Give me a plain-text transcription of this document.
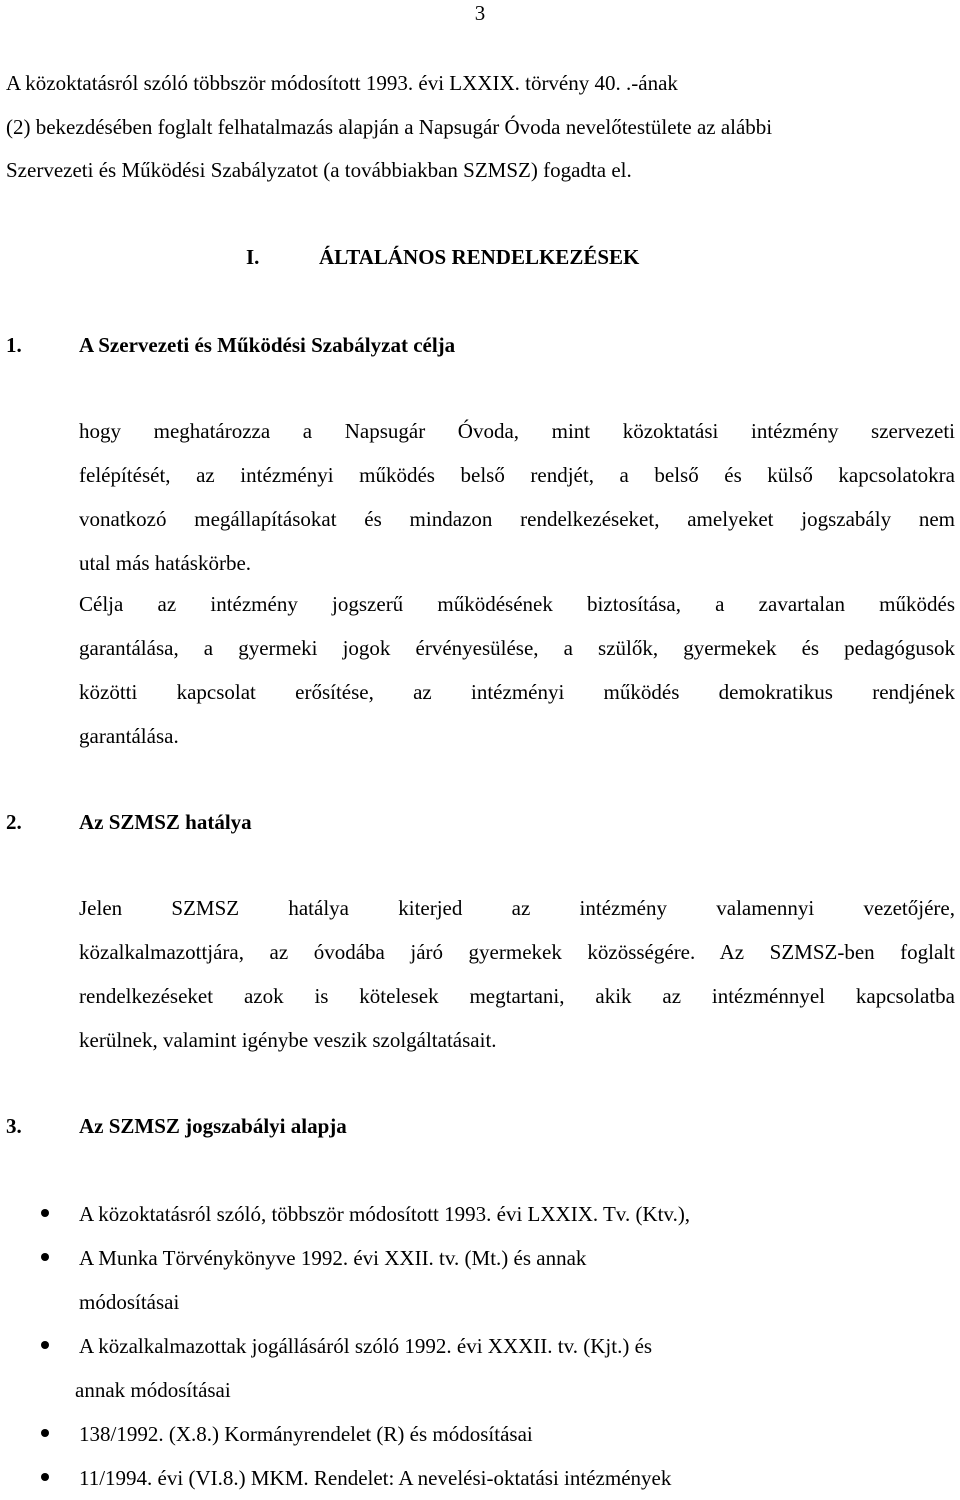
3
A közoktatásról szóló többször módosított 1993. évi LXXIX. törvény 40. .-ának
(2) bekezdésében foglalt felhatalmazás alapján a Napsugár Óvoda nevelőtestülete az alábbi
Szervezeti és Működési Szabályzatot (a továbbiakban SZMSZ) fogadta el.
I.	ÁLTALÁNOS RENDELKEZÉSEK
1.	A Szervezeti és Működési Szabályzat célja
hogy meghatározza a Napsugár Óvoda, mint közoktatási intézmény szervezeti
felépítését, az intézményi működés belső rendjét, a belső és külső kapcsolatokra
vonatkozó megállapításokat és mindazon rendelkezéseket, amelyeket jogszabály nem
utal más hatáskörbe.
Célja az intézmény jogszerű működésének biztosítása, a zavartalan működés
garantálása, a gyermeki jogok érvényesülése, a szülők, gyermekek és pedagógusok
közötti kapcsolat erősítése, az intézményi működés demokratikus rendjének
garantálása.
2.	Az SZMSZ hatálya
Jelen SZMSZ hatálya kiterjed az intézmény valamennyi vezetőjére,
közalkalmazottjára, az óvodába járó gyermekek közösségére. Az SZMSZ-ben foglalt
rendelkezéseket azok is kötelesek megtartani, akik az intézménnyel kapcsolatba
kerülnek, valamint igénybe veszik szolgáltatásait.
3.	Az SZMSZ jogszabályi alapja
A közoktatásról szóló, többször módosított 1993. évi LXXIX. Tv. (Ktv.),
A Munka Törvénykönyve 1992. évi XXII. tv. (Mt.) és annak
módosításai
A közalkalmazottak jogállásáról szóló 1992. évi XXXII. tv. (Kjt.) és
annak módosításai
138/1992. (X.8.) Kormányrendelet (R) és módosításai
11/1994. évi (VI.8.) MKM. Rendelet: A nevelési-oktatási intézmények
